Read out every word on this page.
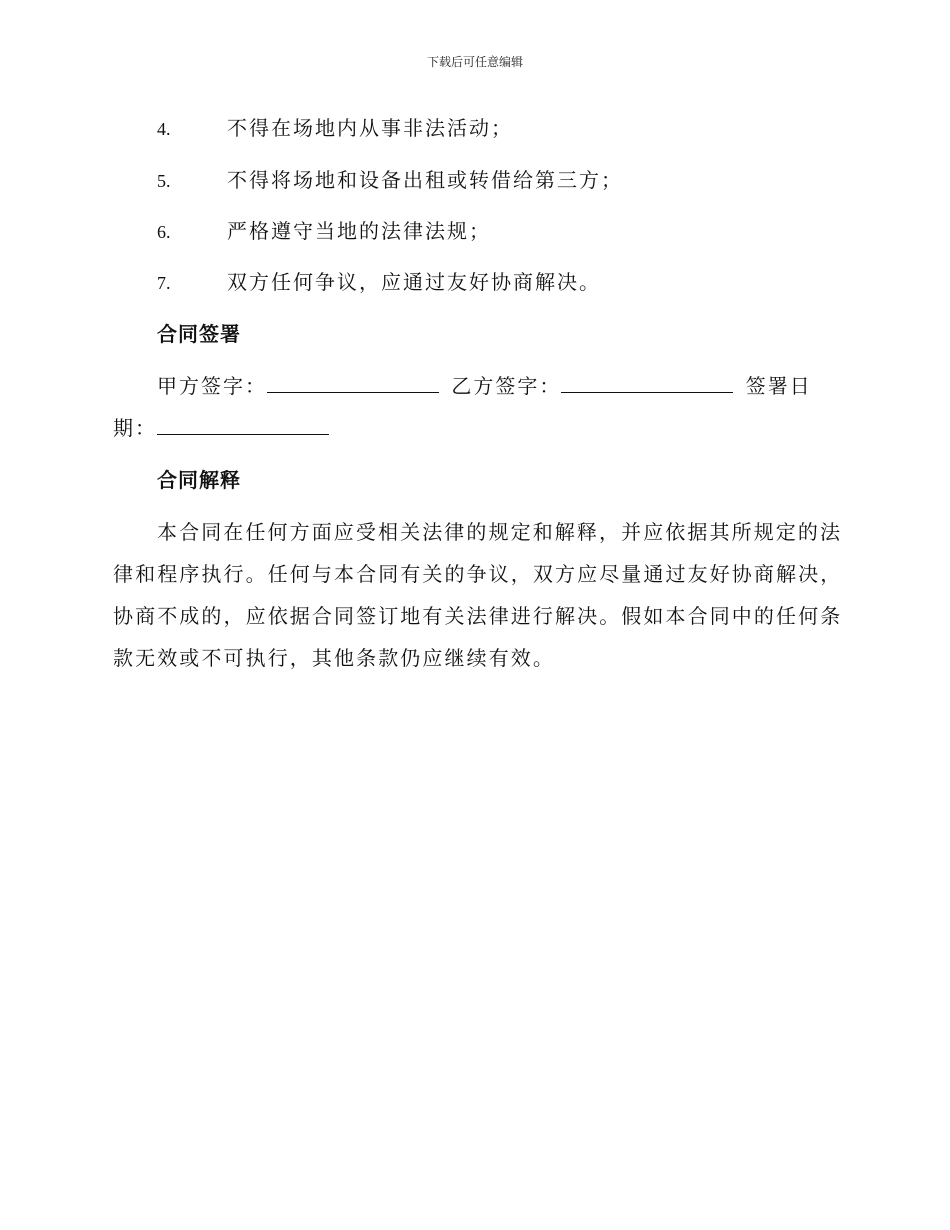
下载后可任意编辑
4.	不得在场地内从事非法活动；
5.	不得将场地和设备出租或转借给第三方；
6.	严格遵守当地的法律法规；
7.	双方任何争议，应通过友好协商解决。
合同签署
甲方签字：	乙方签字：	签署日
期：
合同解释
本合同在任何方面应受相关法律的规定和解释，并应依据其所规定的法
律和程序执行。任何与本合同有关的争议，双方应尽量通过友好协商解决，
协商不成的，应依据合同签订地有关法律进行解决。假如本合同中的任何条
款无效或不可执行，其他条款仍应继续有效。
